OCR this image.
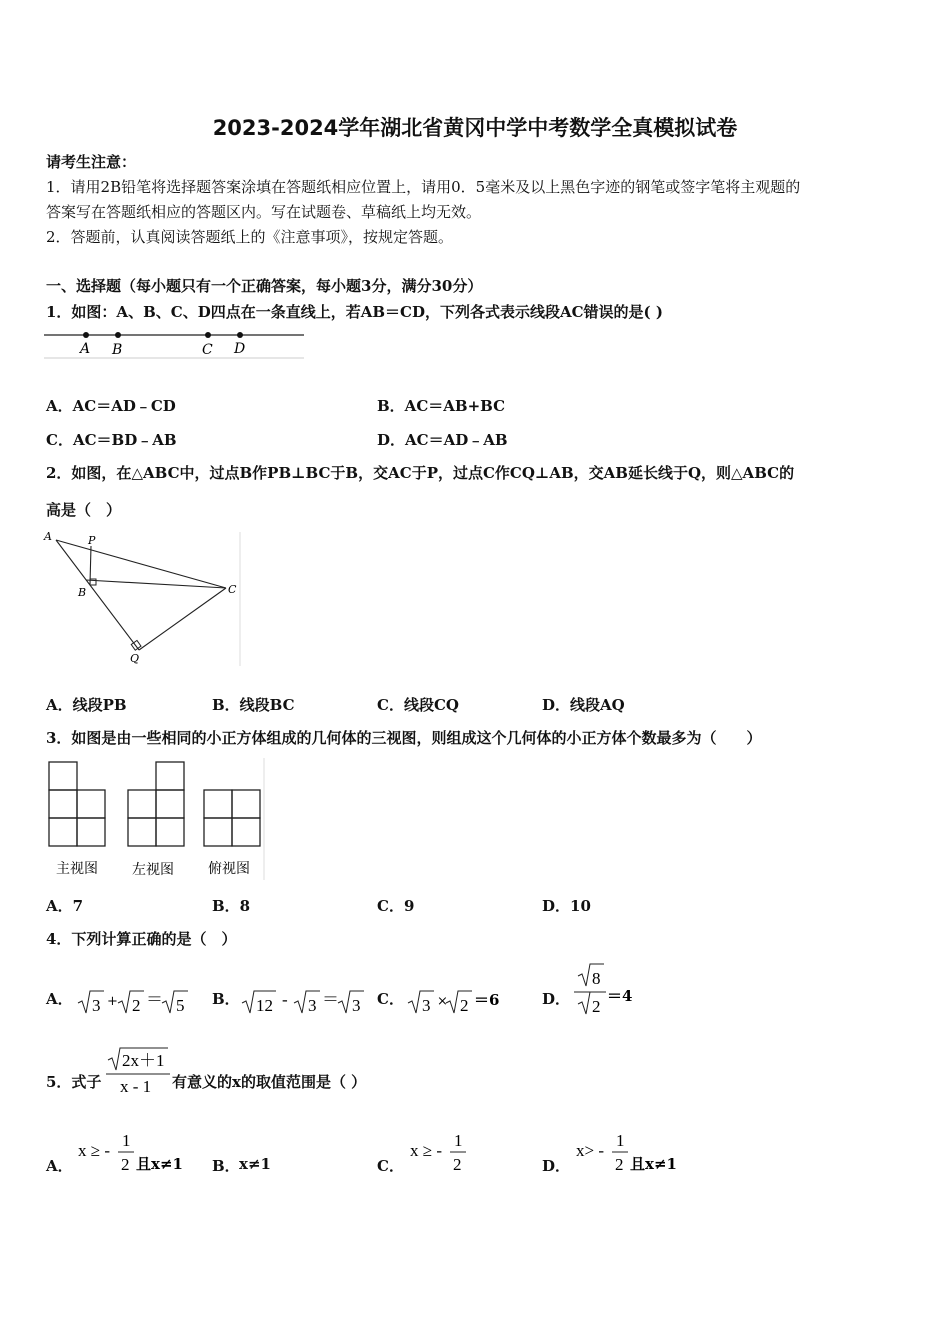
2023-2024学年湖北省黄冈中学中考数学全真模拟试卷
请考生注意：
1．请用2B铅笔将选择题答案涂填在答题纸相应位置上，请用0．5毫米及以上黑色字迹的钢笔或签字笔将主观题的
答案写在答题纸相应的答题区内。写在试题卷、草稿纸上均无效。
2．答题前，认真阅读答题纸上的《注意事项》，按规定答题。
一、选择题（每小题只有一个正确答案，每小题3分，满分30分）
1．如图：A、B、C、D四点在一条直线上，若AB＝CD，下列各式表示线段AC错误的是( )
A B	C D
A．AC＝AD﹣CD	B．AC＝AB+BC
C．AC＝BD﹣AB	D．AC＝AD﹣AB
2．如图，在△ABC中，过点B作PB⊥BC于B，交AC于P，过点C作CQ⊥AB，交AB延长线于Q，则△ABC的
高是（　）
A	P
B	C
Q
A．线段PB	B．线段BC	C．线段CQ	D．线段AQ
3．如图是由一些相同的小正方体组成的几何体的三视图，则组成这个几何体的小正方体个数最多为（　　）
主视图 左视图 俯视图
A．7	B．8	C．9	D．10
4．下列计算正确的是（　）
A． 3 + 2 ＝ 5 B． 12 - 3 ＝ 3 C． 3 × 2 ＝6	D．
8
2
＝4
5．式子
2x＋1
x - 1 有意义的x的取值范围是（ ）
A．
x ≥ -
1
2 且x≠1 B． x≠1	C．
x ≥ -
1
2	D．
x> -
1
2 且x≠1
